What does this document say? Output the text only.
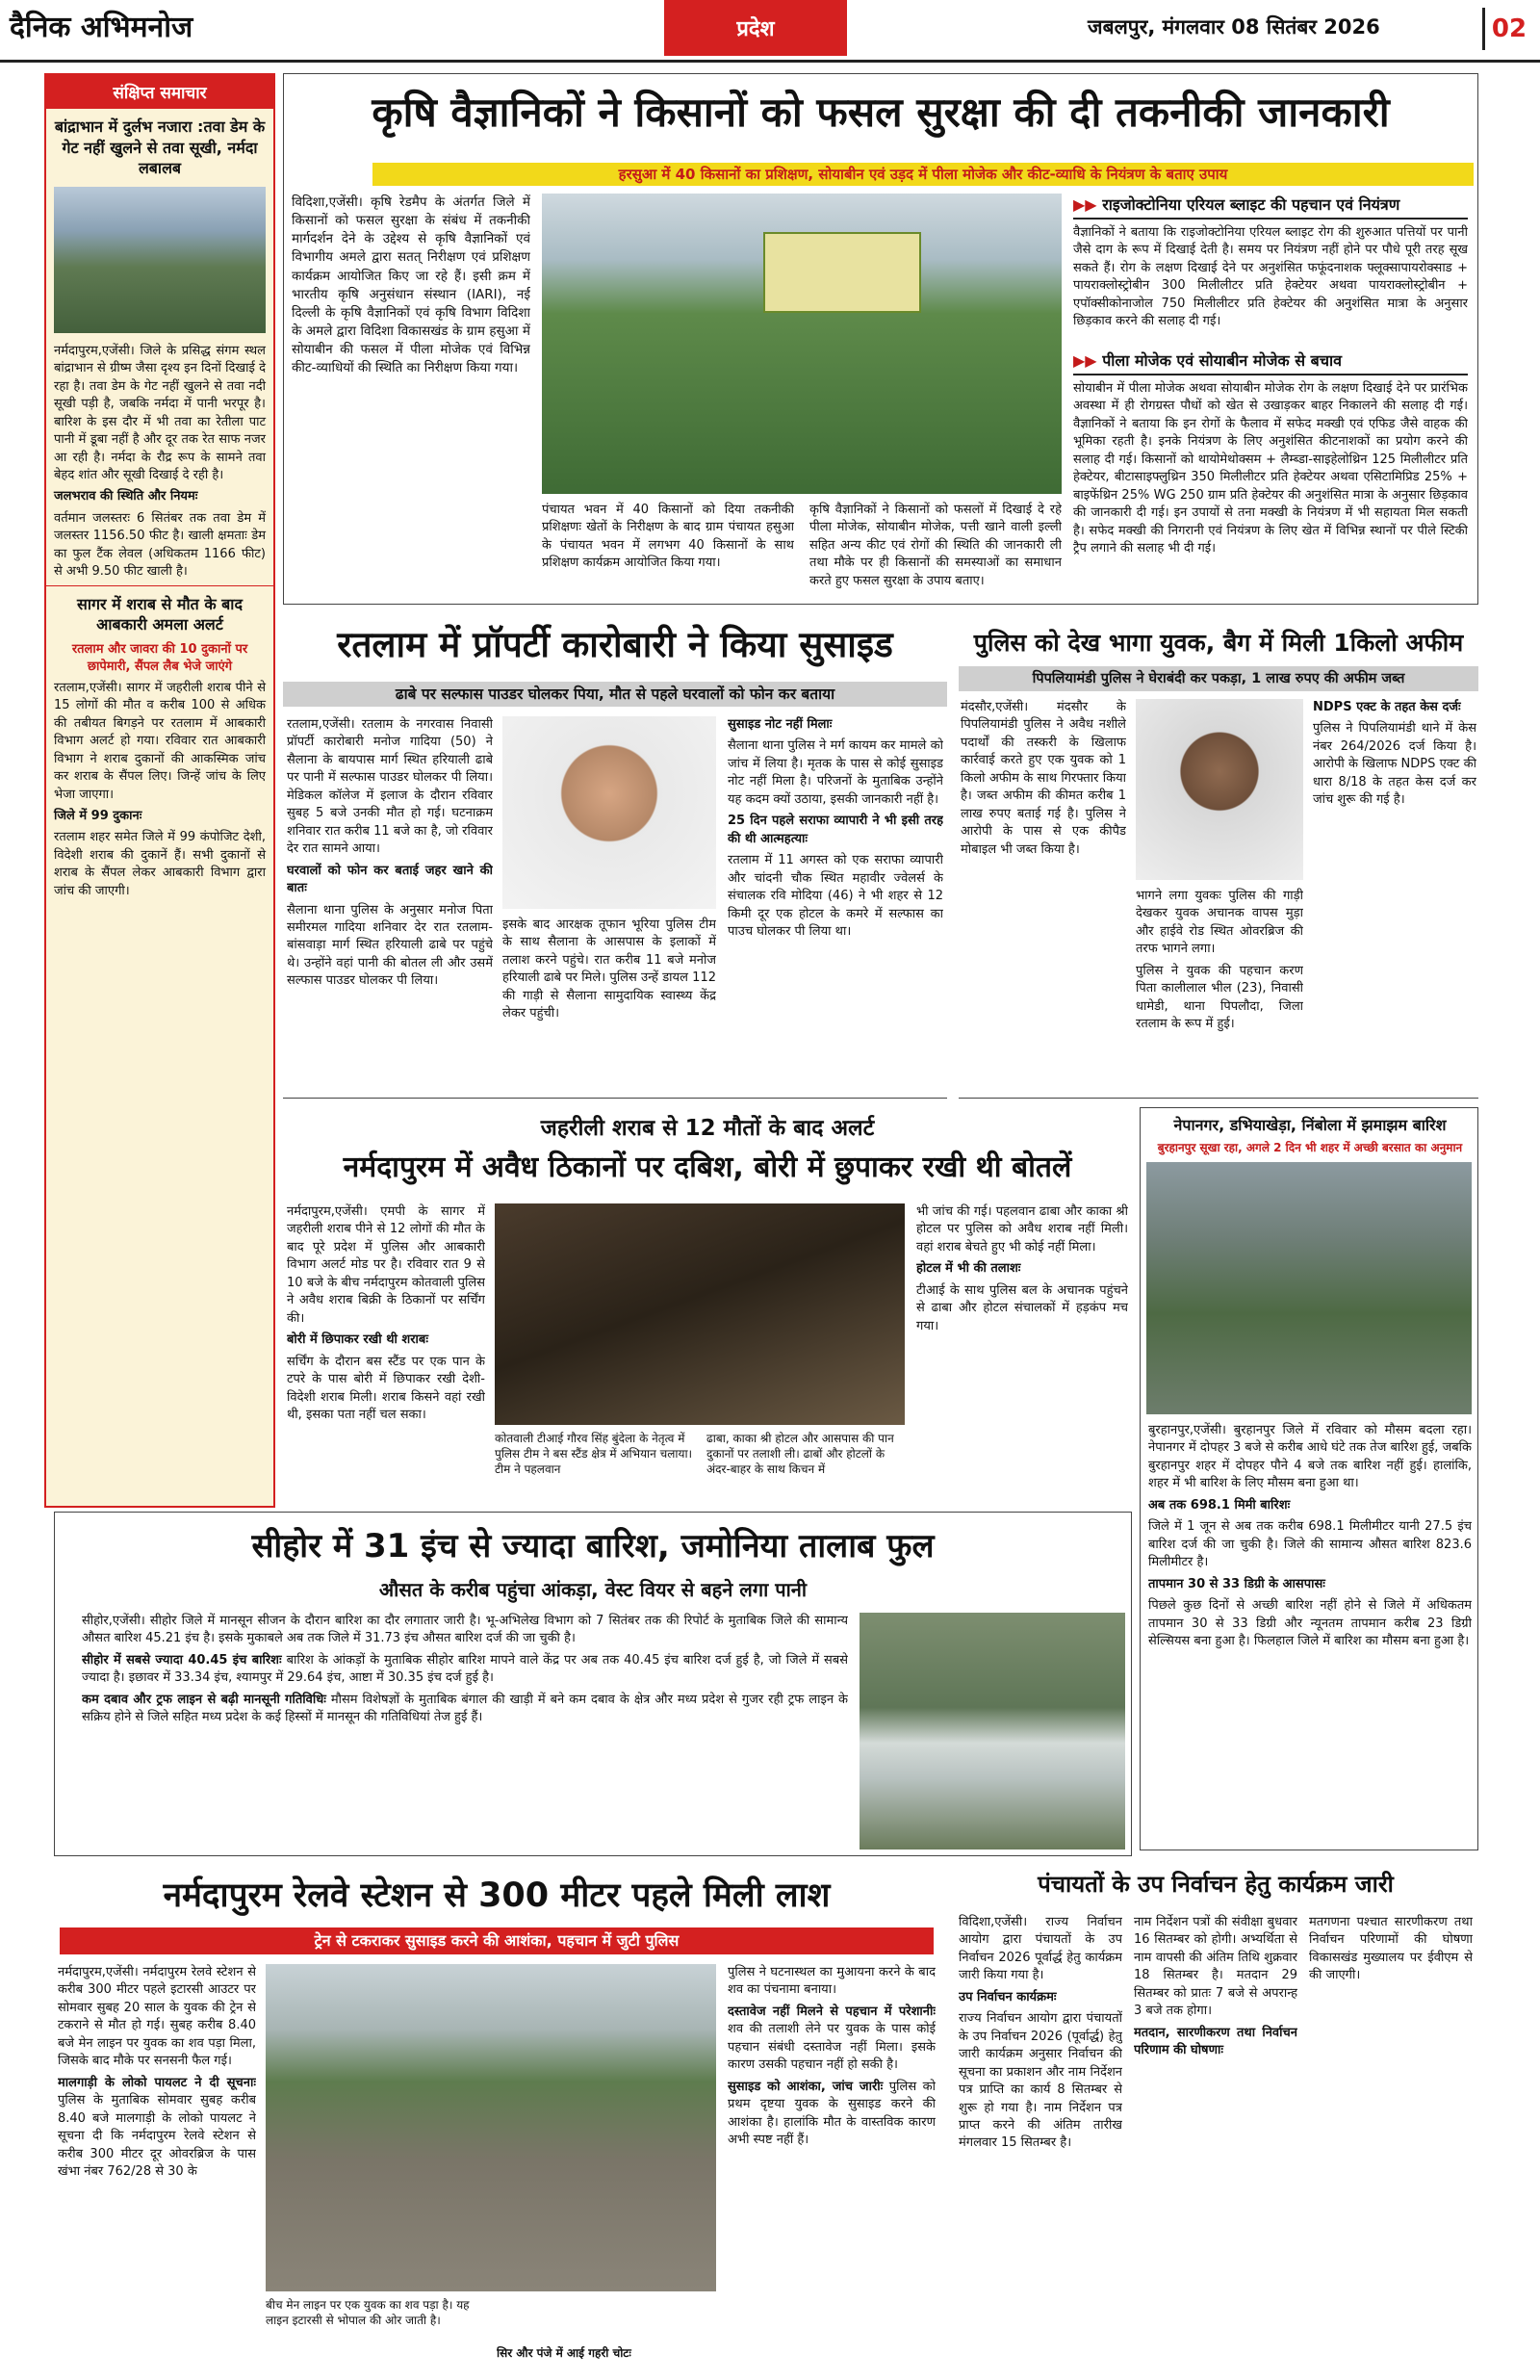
दैनिक अभिमनोज	प्रदेश	जबलपुर, मंगलवार 08 सितंबर 2026	02
संक्षिप्त समाचार
बांद्राभान में दुर्लभ नजारा :तवा डेम के गेट नहीं खुलने से तवा सूखी, नर्मदा लबालब

नर्मदापुरम,एजेंसी। जिले के प्रसिद्ध संगम स्थल बांद्राभान से ग्रीष्म जैसा दृश्य इन दिनों दिखाई दे रहा है। तवा डेम के गेट नहीं खुलने से तवा नदी सूखी पड़ी है, जबकि नर्मदा में पानी भरपूर है। बारिश के इस दौर में भी तवा का रेतीला पाट पानी में डूबा नहीं है और दूर तक रेत साफ नजर आ रही है। नर्मदा के रौद्र रूप के सामने तवा बेहद शांत और सूखी दिखाई दे रही है।

जलभराव की स्थिति और नियमः

वर्तमान जलस्तरः 6 सितंबर तक तवा डेम में जलस्तर 1156.50 फीट है। खाली क्षमताः डेम का फुल टैंक लेवल (अधिकतम 1166 फीट) से अभी 9.50 फीट खाली है।

सागर में शराब से मौत के बाद आबकारी अमला अलर्ट
रतलाम और जावरा की 10 दुकानों पर छापेमारी, सैंपल लैब भेजे जाएंगे

रतलाम,एजेंसी। सागर में जहरीली शराब पीने से 15 लोगों की मौत व करीब 100 से अधिक की तबीयत बिगड़ने पर रतलाम में आबकारी विभाग अलर्ट हो गया। रविवार रात आबकारी विभाग ने शराब दुकानों की आकस्मिक जांच कर शराब के सैंपल लिए। जिन्हें जांच के लिए भेजा जाएगा।

जिले में 99 दुकानः

रतलाम शहर समेत जिले में 99 कंपोजिट देशी, विदेशी शराब की दुकानें हैं। सभी दुकानों से शराब के सैंपल लेकर आबकारी विभाग द्वारा जांच की जाएगी।

कृषि वैज्ञानिकों ने किसानों को फसल सुरक्षा की दी तकनीकी जानकारी
हरसुआ में 40 किसानों का प्रशिक्षण, सोयाबीन एवं उड़द में पीला मोजेक और कीट-व्याधि के नियंत्रण के बताए उपाय

विदिशा,एजेंसी। कृषि रेडमैप के अंतर्गत जिले में किसानों को फसल सुरक्षा के संबंध में तकनीकी मार्गदर्शन देने के उद्देश्य से कृषि वैज्ञानिकों एवं विभागीय अमले द्वारा सतत् निरीक्षण एवं प्रशिक्षण कार्यक्रम आयोजित किए जा रहे हैं। इसी क्रम में भारतीय कृषि अनुसंधान संस्थान (IARI), नई दिल्ली के कृषि वैज्ञानिकों एवं कृषि विभाग विदिशा के अमले द्वारा विदिशा विकासखंड के ग्राम हसुआ में सोयाबीन की फसल में पीला मोजेक एवं विभिन्न कीट-व्याधियों की स्थिति का निरीक्षण किया गया।

पंचायत भवन में 40 किसानों को दिया तकनीकी प्रशिक्षणः खेतों के निरीक्षण के बाद ग्राम पंचायत हसुआ के पंचायत भवन में लगभग 40 किसानों के साथ प्रशिक्षण कार्यक्रम आयोजित किया गया।

कृषि वैज्ञानिकों ने किसानों को फसलों में दिखाई दे रहे पीला मोजेक, सोयाबीन मोजेक, पत्ती खाने वाली इल्ली सहित अन्य कीट एवं रोगों की स्थिति की जानकारी ली तथा मौके पर ही किसानों की समस्याओं का समाधान करते हुए फसल सुरक्षा के उपाय बताए।

▶▶ राइजोक्टोनिया एरियल ब्लाइट की पहचान एवं नियंत्रण

वैज्ञानिकों ने बताया कि राइजोक्टोनिया एरियल ब्लाइट रोग की शुरुआत पत्तियों पर पानी जैसे दाग के रूप में दिखाई देती है। समय पर नियंत्रण नहीं होने पर पौधे पूरी तरह सूख सकते हैं। रोग के लक्षण दिखाई देने पर अनुशंसित फफूंदनाशक फ्लूक्सापायरोक्साड + पायराक्लोस्ट्रोबीन 300 मिलीलीटर प्रति हेक्टेयर अथवा पायराक्लोस्ट्रोबीन + एपॉक्सीकोनाजोल 750 मिलीलीटर प्रति हेक्टेयर की अनुशंसित मात्रा के अनुसार छिड़काव करने की सलाह दी गई।

▶▶ पीला मोजेक एवं सोयाबीन मोजेक से बचाव

सोयाबीन में पीला मोजेक अथवा सोयाबीन मोजेक रोग के लक्षण दिखाई देने पर प्रारंभिक अवस्था में ही रोगग्रस्त पौधों को खेत से उखाड़कर बाहर निकालने की सलाह दी गई। वैज्ञानिकों ने बताया कि इन रोगों के फैलाव में सफेद मक्खी एवं एफिड जैसे वाहक की भूमिका रहती है। इनके नियंत्रण के लिए अनुशंसित कीटनाशकों का प्रयोग करने की सलाह दी गई। किसानों को थायोमेथोक्सम + लैम्ब्डा-साइहेलोथ्रिन 125 मिलीलीटर प्रति हेक्टेयर, बीटासाइफ्लुथ्रिन 350 मिलीलीटर प्रति हेक्टेयर अथवा एसिटामिप्रिड 25% + बाइफेंथ्रिन 25% WG 250 ग्राम प्रति हेक्टेयर की अनुशंसित मात्रा के अनुसार छिड़काव की जानकारी दी गई। इन उपायों से तना मक्खी के नियंत्रण में भी सहायता मिल सकती है। सफेद मक्खी की निगरानी एवं नियंत्रण के लिए खेत में विभिन्न स्थानों पर पीले स्टिकी ट्रैप लगाने की सलाह भी दी गई।

रतलाम में प्रॉपर्टी कारोबारी ने किया सुसाइड
ढाबे पर सल्फास पाउडर घोलकर पिया, मौत से पहले घरवालों को फोन कर बताया

रतलाम,एजेंसी। रतलाम के नगरवास निवासी प्रॉपर्टी कारोबारी मनोज गादिया (50) ने सैलाना के बायपास मार्ग स्थित हरियाली ढाबे पर पानी में सल्फास पाउडर घोलकर पी लिया। मेडिकल कॉलेज में इलाज के दौरान रविवार सुबह 5 बजे उनकी मौत हो गई। घटनाक्रम शनिवार रात करीब 11 बजे का है, जो रविवार देर रात सामने आया।

घरवालों को फोन कर बताई जहर खाने की बातः

सैलाना थाना पुलिस के अनुसार मनोज पिता समीरमल गादिया शनिवार देर रात रतलाम-बांसवाड़ा मार्ग स्थित हरियाली ढाबे पर पहुंचे थे। उन्होंने वहां पानी की बोतल ली और उसमें सल्फास पाउडर घोलकर पी लिया।

इसके बाद आरक्षक तूफान भूरिया पुलिस टीम के साथ सैलाना के आसपास के इलाकों में तलाश करने पहुंचे। रात करीब 11 बजे मनोज हरियाली ढाबे पर मिले। पुलिस उन्हें डायल 112 की गाड़ी से सैलाना सामुदायिक स्वास्थ्य केंद्र लेकर पहुंची।

सुसाइड नोट नहीं मिलाः

सैलाना थाना पुलिस ने मर्ग कायम कर मामले को जांच में लिया है। मृतक के पास से कोई सुसाइड नोट नहीं मिला है। परिजनों के मुताबिक उन्होंने यह कदम क्यों उठाया, इसकी जानकारी नहीं है।

25 दिन पहले सराफा व्यापारी ने भी इसी तरह की थी आत्महत्याः

रतलाम में 11 अगस्त को एक सराफा व्यापारी और चांदनी चौक स्थित महावीर ज्वेलर्स के संचालक रवि मोदिया (46) ने भी शहर से 12 किमी दूर एक होटल के कमरे में सल्फास का पाउच घोलकर पी लिया था।

पुलिस को देख भागा युवक, बैग में मिली 1किलो अफीम
पिपलियामंडी पुलिस ने घेराबंदी कर पकड़ा, 1 लाख रुपए की अफीम जब्त

मंदसौर,एजेंसी। मंदसौर के पिपलियामंडी पुलिस ने अवैध नशीले पदार्थों की तस्करी के खिलाफ कार्रवाई करते हुए एक युवक को 1 किलो अफीम के साथ गिरफ्तार किया है। जब्त अफीम की कीमत करीब 1 लाख रुपए बताई गई है। पुलिस ने आरोपी के पास से एक कीपैड मोबाइल भी जब्त किया है।

भागने लगा युवकः पुलिस की गाड़ी देखकर युवक अचानक वापस मुड़ा और हाईवे रोड स्थित ओवरब्रिज की तरफ भागने लगा।

पुलिस ने युवक की पहचान करण पिता कालीलाल भील (23), निवासी धामेडी, थाना पिपलौदा, जिला रतलाम के रूप में हुई।

NDPS एक्ट के तहत केस दर्जः

पुलिस ने पिपलियामंडी थाने में केस नंबर 264/2026 दर्ज किया है। आरोपी के खिलाफ NDPS एक्ट की धारा 8/18 के तहत केस दर्ज कर जांच शुरू की गई है।

जहरीली शराब से 12 मौतों के बाद अलर्ट
नर्मदापुरम में अवैध ठिकानों पर दबिश, बोरी में छुपाकर रखी थी बोतलें

नर्मदापुरम,एजेंसी। एमपी के सागर में जहरीली शराब पीने से 12 लोगों की मौत के बाद पूरे प्रदेश में पुलिस और आबकारी विभाग अलर्ट मोड पर है। रविवार रात 9 से 10 बजे के बीच नर्मदापुरम कोतवाली पुलिस ने अवैध शराब बिक्री के ठिकानों पर सर्चिंग की।

बोरी में छिपाकर रखी थी शराबः

सर्चिंग के दौरान बस स्टैंड पर एक पान के टपरे के पास बोरी में छिपाकर रखी देशी-विदेशी शराब मिली। शराब किसने वहां रखी थी, इसका पता नहीं चल सका।

कोतवाली टीआई गौरव सिंह बुंदेला के नेतृत्व में पुलिस टीम ने बस स्टैंड क्षेत्र में अभियान चलाया। टीम ने पहलवान
ढाबा, काका श्री होटल और आसपास की पान दुकानों पर तलाशी ली। ढाबों और होटलों के अंदर-बाहर के साथ किचन में

भी जांच की गई। पहलवान ढाबा और काका श्री होटल पर पुलिस को अवैध शराब नहीं मिली। वहां शराब बेचते हुए भी कोई नहीं मिला।

होटल में भी की तलाशः

टीआई के साथ पुलिस बल के अचानक पहुंचने से ढाबा और होटल संचालकों में हड़कंप मच गया।

नेपानगर, डभियाखेड़ा, निंबोला में झमाझम बारिश
बुरहानपुर सूखा रहा, अगले 2 दिन भी शहर में अच्छी बरसात का अनुमान

बुरहानपुर,एजेंसी। बुरहानपुर जिले में रविवार को मौसम बदला रहा। नेपानगर में दोपहर 3 बजे से करीब आधे घंटे तक तेज बारिश हुई, जबकि बुरहानपुर शहर में दोपहर पौने 4 बजे तक बारिश नहीं हुई। हालांकि, शहर में भी बारिश के लिए मौसम बना हुआ था।

अब तक 698.1 मिमी बारिशः

जिले में 1 जून से अब तक करीब 698.1 मिलीमीटर यानी 27.5 इंच बारिश दर्ज की जा चुकी है। जिले की सामान्य औसत बारिश 823.6 मिलीमीटर है।

तापमान 30 से 33 डिग्री के आसपासः

पिछले कुछ दिनों से अच्छी बारिश नहीं होने से जिले में अधिकतम तापमान 30 से 33 डिग्री और न्यूनतम तापमान करीब 23 डिग्री सेल्सियस बना हुआ है। फिलहाल जिले में बारिश का मौसम बना हुआ है।

सीहोर में 31 इंच से ज्यादा बारिश, जमोनिया तालाब फुल
औसत के करीब पहुंचा आंकड़ा, वेस्ट वियर से बहने लगा पानी

सीहोर,एजेंसी। सीहोर जिले में मानसून सीजन के दौरान बारिश का दौर लगातार जारी है। भू-अभिलेख विभाग को 7 सितंबर तक की रिपोर्ट के मुताबिक जिले की सामान्य औसत बारिश 45.21 इंच है। इसके मुकाबले अब तक जिले में 31.73 इंच औसत बारिश दर्ज की जा चुकी है।

सीहोर में सबसे ज्यादा 40.45 इंच बारिशः बारिश के आंकड़ों के मुताबिक सीहोर बारिश मापने वाले केंद्र पर अब तक 40.45 इंच बारिश दर्ज हुई है, जो जिले में सबसे ज्यादा है। इछावर में 33.34 इंच, श्यामपुर में 29.64 इंच, आष्टा में 30.35 इंच दर्ज हुई है।

कम दबाव और ट्रफ लाइन से बढ़ी मानसूनी गतिविधिः मौसम विशेषज्ञों के मुताबिक बंगाल की खाड़ी में बने कम दबाव के क्षेत्र और मध्य प्रदेश से गुजर रही ट्रफ लाइन के सक्रिय होने से जिले सहित मध्य प्रदेश के कई हिस्सों में मानसून की गतिविधियां तेज हुई हैं।

नर्मदापुरम रेलवे स्टेशन से 300 मीटर पहले मिली लाश
ट्रेन से टकराकर सुसाइड करने की आशंका, पहचान में जुटी पुलिस

नर्मदापुरम,एजेंसी। नर्मदापुरम रेलवे स्टेशन से करीब 300 मीटर पहले इटारसी आउटर पर सोमवार सुबह 20 साल के युवक की ट्रेन से टकराने से मौत हो गई। सुबह करीब 8.40 बजे मेन लाइन पर युवक का शव पड़ा मिला, जिसके बाद मौके पर सनसनी फैल गई।

मालगाड़ी के लोको पायलट ने दी सूचनाः पुलिस के मुताबिक सोमवार सुबह करीब 8.40 बजे मालगाड़ी के लोको पायलट ने सूचना दी कि नर्मदापुरम रेलवे स्टेशन से करीब 300 मीटर दूर ओवरब्रिज के पास खंभा नंबर 762/28 से 30 के

बीच मेन लाइन पर एक युवक का शव पड़ा है। यह लाइन इटारसी से भोपाल की ओर जाती है।
सिर और पंजे में आई गहरी चोटः

पुलिस ने घटनास्थल का मुआयना करने के बाद शव का पंचनामा बनाया।

दस्तावेज नहीं मिलने से पहचान में परेशानीः शव की तलाशी लेने पर युवक के पास कोई पहचान संबंधी दस्तावेज नहीं मिला। इसके कारण उसकी पहचान नहीं हो सकी है।

सुसाइड को आशंका, जांच जारीः पुलिस को प्रथम दृष्टया युवक के सुसाइड करने की आशंका है। हालांकि मौत के वास्तविक कारण अभी स्पष्ट नहीं हैं।

पंचायतों के उप निर्वाचन हेतु कार्यक्रम जारी

विदिशा,एजेंसी। राज्य निर्वाचन आयोग द्वारा पंचायतों के उप निर्वाचन 2026 पूर्वार्द्ध हेतु कार्यक्रम जारी किया गया है।

उप निर्वाचन कार्यक्रमः

राज्य निर्वाचन आयोग द्वारा पंचायतों के उप निर्वाचन 2026 (पूर्वार्द्ध) हेतु जारी कार्यक्रम अनुसार निर्वाचन की सूचना का प्रकाशन और नाम निर्देशन पत्र प्राप्ति का कार्य 8 सितम्बर से शुरू हो गया है। नाम निर्देशन पत्र प्राप्त करने की अंतिम तारीख मंगलवार 15 सितम्बर है।

नाम निर्देशन पत्रों की संवीक्षा बुधवार 16 सितम्बर को होगी। अभ्यर्थिता से नाम वापसी की अंतिम तिथि शुक्रवार 18 सितम्बर है। मतदान 29 सितम्बर को प्रातः 7 बजे से अपरान्ह 3 बजे तक होगा।

मतदान, सारणीकरण तथा निर्वाचन परिणाम की घोषणाः

मतगणना पश्चात सारणीकरण तथा निर्वाचन परिणामों की घोषणा विकासखंड मुख्यालय पर ईवीएम से की जाएगी।
